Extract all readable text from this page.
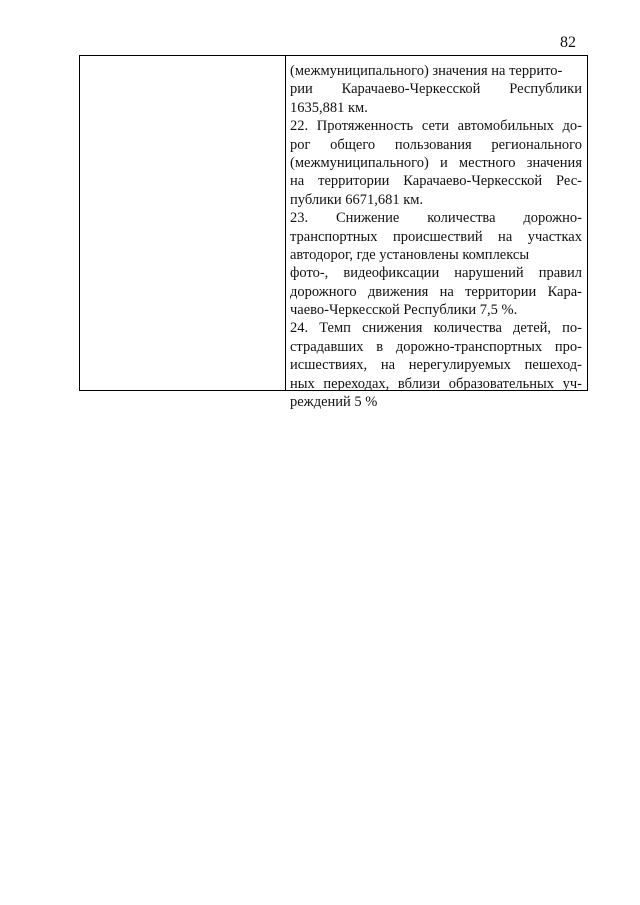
82
(межмуниципального) значения на террито-
рии Карачаево-Черкесской Республики
1635,881 км.
22. Протяженность сети автомобильных до-
рог общего пользования регионального
(межмуниципального) и местного значения
на территории Карачаево-Черкесской Рес-
публики 6671,681 км.
23. Снижение количества дорожно-
транспортных происшествий на участках
автодорог, где установлены комплексы
фото-, видеофиксации нарушений правил
дорожного движения на территории Кара-
чаево-Черкесской Республики 7,5 %.
24. Темп снижения количества детей, по-
страдавших в дорожно-транспортных про-
исшествиях, на нерегулируемых пешеход-
ных переходах, вблизи образовательных уч-
реждений 5 %
